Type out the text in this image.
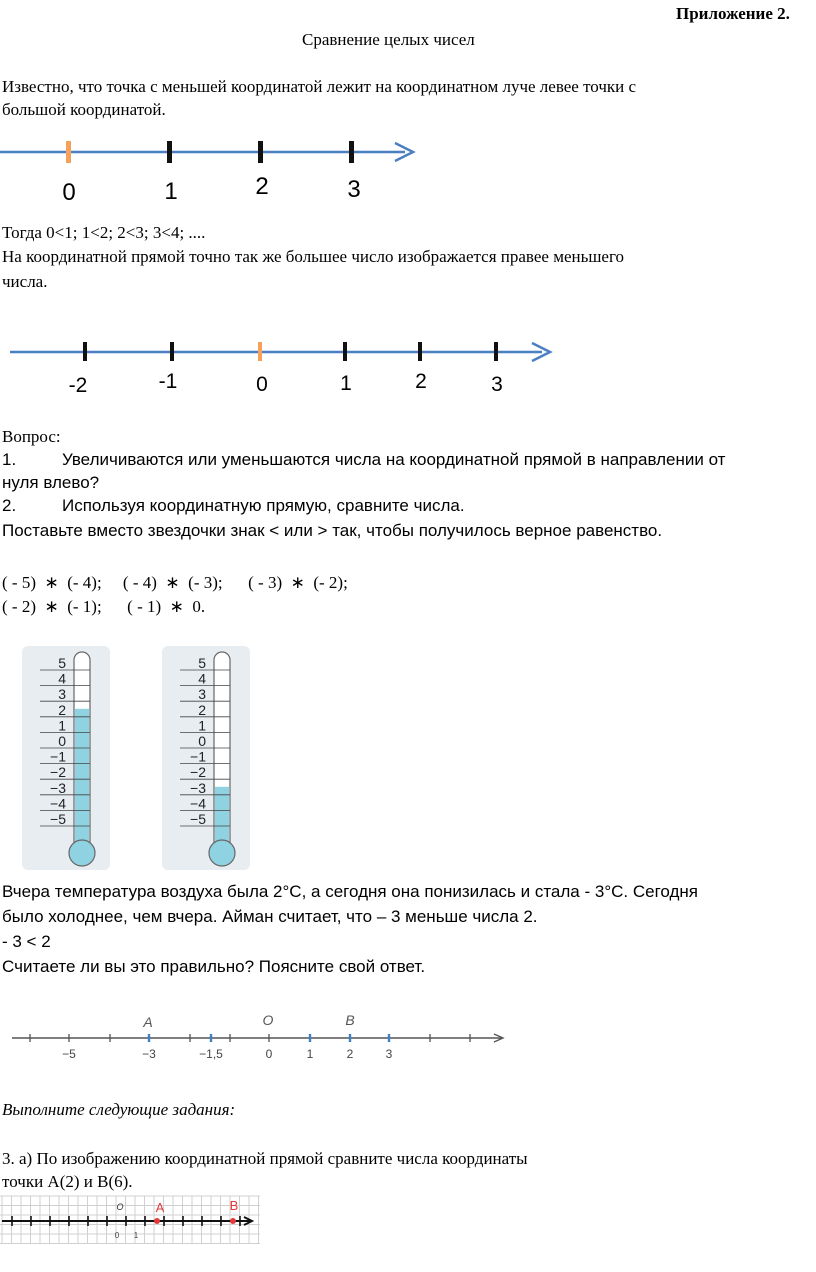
Приложение 2.
Сравнение целых чисел
Известно, что точка с меньшей координатой лежит на координатном луче левее точки с
большой координатой.
0	1	2	3
Тогда 0<1; 1<2; 2<3; 3<4; ....
На координатной прямой точно так же большее число изображается правее меньшего
числа.
-2	-1	0	1	2	3
Вопрос:
1.	Увеличиваются или уменьшаются числа на координатной прямой в направлении от
нуля влево?
2.	Используя координатную прямую, сравните числа.
Поставьте вместо звездочки знак < или > так, чтобы получилось верное равенство.
( - 5)  ∗  (- 4);     ( - 4)  ∗  (- 3);      ( - 3)  ∗  (- 2);
( - 2)  ∗  (- 1);      ( - 1)  ∗  0.
5
4
3
2
1
0
−1
−2
−3
−4
−5
5
4
3
2
1
0
−1
−2
−3
−4
−5
Вчера температура воздуха была 2°С, а сегодня она понизилась и стала - 3°С. Сегодня
было холоднее, чем вчера. Айман считает, что – 3 меньше числа 2.
- 3 < 2
Считаете ли вы это правильно? Поясните свой ответ.
A	O	B
−5	−3	−1,5	0	1	2	3
Выполните следующие задания:
3. а) По изображению координатной прямой сравните числа координаты
точки А(2) и В(6).
O A	B
0 1
